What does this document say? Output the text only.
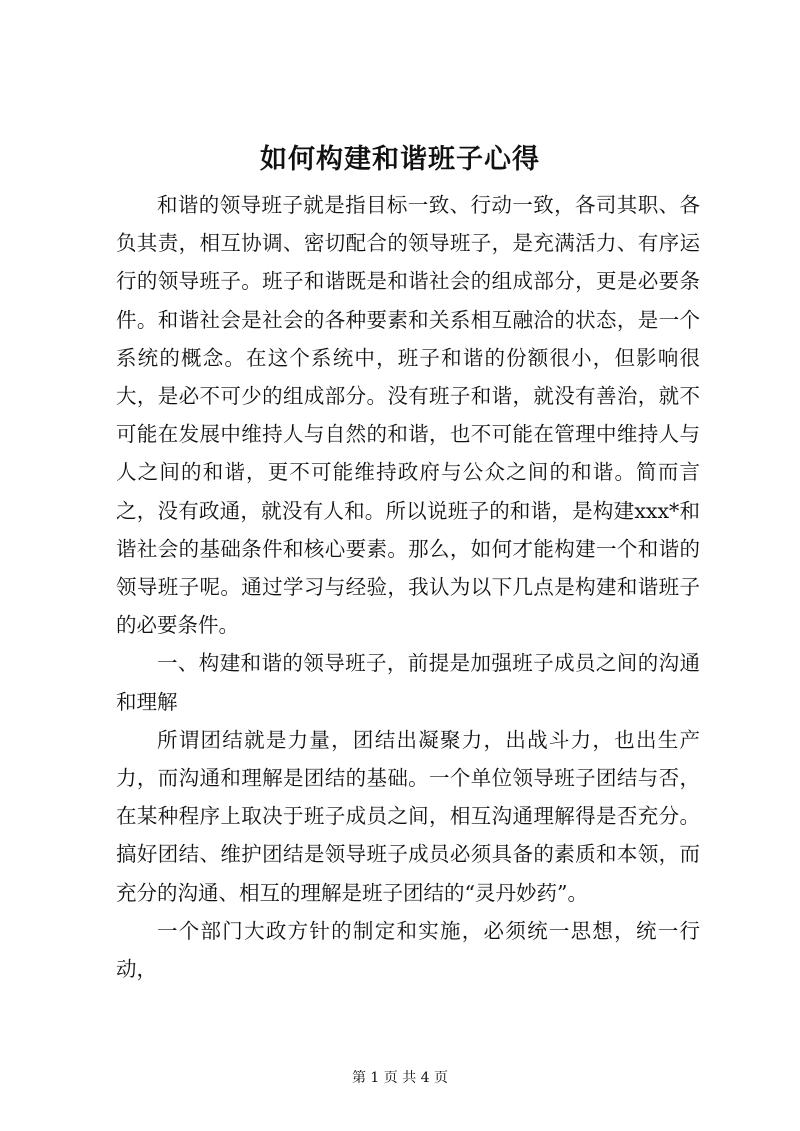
如何构建和谐班子心得

和谐的领导班子就是指目标一致、行动一致，各司其职、各负其责，相互协调、密切配合的领导班子，是充满活力、有序运行的领导班子。班子和谐既是和谐社会的组成部分，更是必要条件。和谐社会是社会的各种要素和关系相互融洽的状态，是一个系统的概念。在这个系统中，班子和谐的份额很小，但影响很大，是必不可少的组成部分。没有班子和谐，就没有善治，就不可能在发展中维持人与自然的和谐，也不可能在管理中维持人与人之间的和谐，更不可能维持政府与公众之间的和谐。简而言之，没有政通，就没有人和。所以说班子的和谐，是构建xxx*和谐社会的基础条件和核心要素。那么，如何才能构建一个和谐的领导班子呢。通过学习与经验，我认为以下几点是构建和谐班子的必要条件。

一、构建和谐的领导班子，前提是加强班子成员之间的沟通和理解

所谓团结就是力量，团结出凝聚力，出战斗力，也出生产力，而沟通和理解是团结的基础。一个单位领导班子团结与否，在某种程序上取决于班子成员之间，相互沟通理解得是否充分。搞好团结、维护团结是领导班子成员必须具备的素质和本领，而充分的沟通、相互的理解是班子团结的“灵丹妙药”。

一个部门大政方针的制定和实施，必须统一思想，统一行动，

第 1 页 共 4 页
